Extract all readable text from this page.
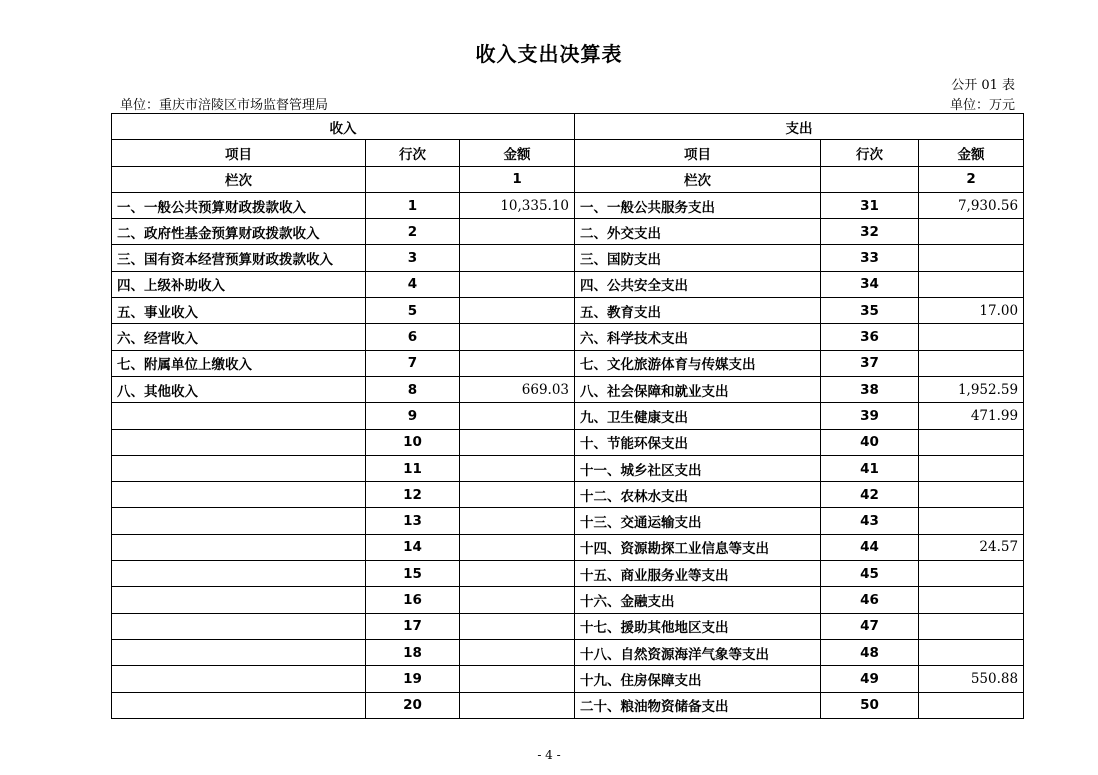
收入支出决算表
公开 01 表
单位：重庆市涪陵区市场监督管理局	单位：万元
收入			支出		
项目	行次	金额	项目	行次	金额
栏次		1	栏次		2
一、一般公共预算财政拨款收入	1	10,335.10	一、一般公共服务支出	31	7,930.56
二、政府性基金预算财政拨款收入	2		二、外交支出	32	
三、国有资本经营预算财政拨款收入	3		三、国防支出	33	
四、上级补助收入	4		四、公共安全支出	34	
五、事业收入	5		五、教育支出	35	17.00
六、经营收入	6		六、科学技术支出	36	
七、附属单位上缴收入	7		七、文化旅游体育与传媒支出	37	
八、其他收入	8	669.03	八、社会保障和就业支出	38	1,952.59
	9		九、卫生健康支出	39	471.99
	10		十、节能环保支出	40	
	11		十一、城乡社区支出	41	
	12		十二、农林水支出	42	
	13		十三、交通运输支出	43	
	14		十四、资源勘探工业信息等支出	44	24.57
	15		十五、商业服务业等支出	45	
	16		十六、金融支出	46	
	17		十七、援助其他地区支出	47	
	18		十八、自然资源海洋气象等支出	48	
	19		十九、住房保障支出	49	550.88
	20		二十、粮油物资储备支出	50	
- 4 -
